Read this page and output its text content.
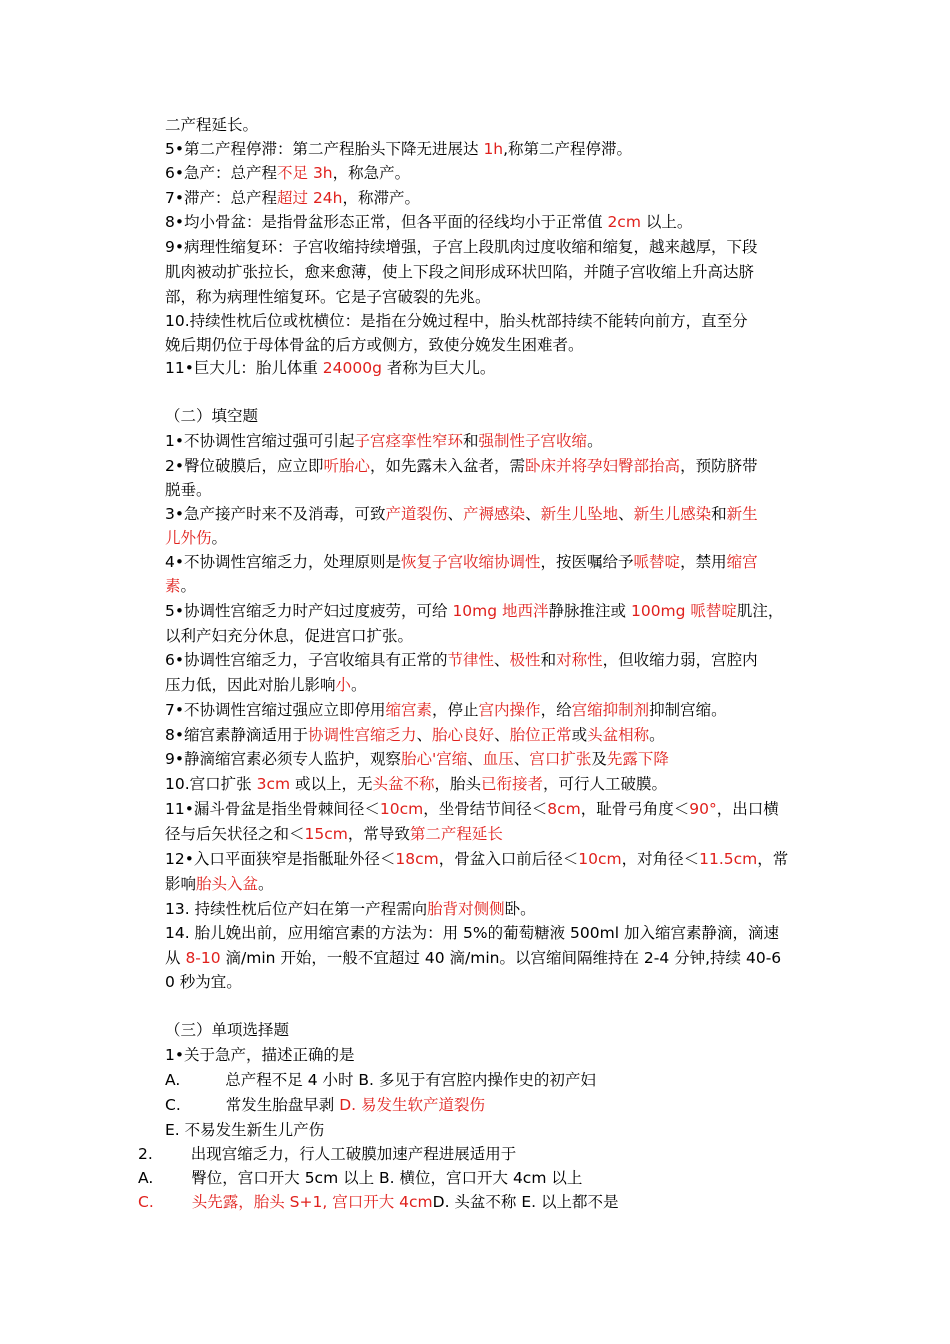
二产程延长。
5•第二产程停滞：第二产程胎头下降无进展达 1h,称第二产程停滞。
6•急产：总产程不足 3h，称急产。
7•滞产：总产程超过 24h，称滞产。
8•均小骨盆：是指骨盆形态正常，但各平面的径线均小于正常值 2cm 以上。
9•病理性缩复环：子宫收缩持续增强，子宫上段肌肉过度收缩和缩复，越来越厚，下段
肌肉被动扩张拉长，愈来愈薄，使上下段之间形成环状凹陷，并随子宫收缩上升高达脐
部，称为病理性缩复环。它是子宫破裂的先兆。
10.持续性枕后位或枕横位：是指在分娩过程中，胎头枕部持续不能转向前方，直至分
娩后期仍位于母体骨盆的后方或侧方，致使分娩发生困难者。
11•巨大儿：胎儿体重 24000g 者称为巨大儿。
（二）填空题
1•不协调性宫缩过强可引起子宫痉挛性窄环和强制性子宫收缩。
2•臀位破膜后，应立即听胎心，如先露未入盆者，需卧床并将孕妇臀部抬高，预防脐带
脱垂。
3•急产接产时来不及消毒，可致产道裂伤、产褥感染、新生儿坠地、新生儿感染和新生
儿外伤。
4•不协调性宫缩乏力，处理原则是恢复子宫收缩协调性，按医嘱给予哌替啶，禁用缩宫
素。
5•协调性宫缩乏力时产妇过度疲劳，可给 10mg 地西泮静脉推注或 100mg 哌替啶肌注，
以利产妇充分休息，促进宫口扩张。
6•协调性宫缩乏力，子宫收缩具有正常的节律性、极性和对称性，但收缩力弱，宫腔内
压力低，因此对胎儿影响小。
7•不协调性宫缩过强应立即停用缩宫素，停止宫内操作，给宫缩抑制剂抑制宫缩。
8•缩宫素静滴适用于协调性宫缩乏力、胎心良好、胎位正常或头盆相称。
9•静滴缩宫素必须专人监护，观察胎心'宫缩、血压、宫口扩张及先露下降
10.宫口扩张 3cm 或以上，无头盆不称，胎头已衔接者，可行人工破膜。
11•漏斗骨盆是指坐骨棘间径＜10cm，坐骨结节间径＜8cm，耻骨弓角度＜90°，出口横
径与后矢状径之和＜15cm，常导致第二产程延长
12•入口平面狭窄是指骶耻外径＜18cm，骨盆入口前后径＜10cm，对角径＜11.5cm，常
影响胎头入盆。
13. 持续性枕后位产妇在第一产程需向胎背对侧侧卧。
14. 胎儿娩出前，应用缩宫素的方法为：用 5%的葡萄糖液 500ml 加入缩宫素静滴，滴速
从 8-10 滴/min 开始，一般不宜超过 40 滴/min。以宫缩间隔维持在 2-4 分钟,持续 40-6
0 秒为宜。
（三）单项选择题
1•关于急产，描述正确的是
A.	总产程不足 4 小时 B. 多见于有宫腔内操作史的初产妇
C.	常发生胎盘早剥 D. 易发生软产道裂伤
E. 不易发生新生儿产伤
2. 出现宫缩乏力，行人工破膜加速产程进展适用于
A. 臀位，宫口开大 5cm 以上 B. 横位，宫口开大 4cm 以上
C. 头先露，胎头 S+1, 宫口开大 4cmD. 头盆不称 E. 以上都不是
